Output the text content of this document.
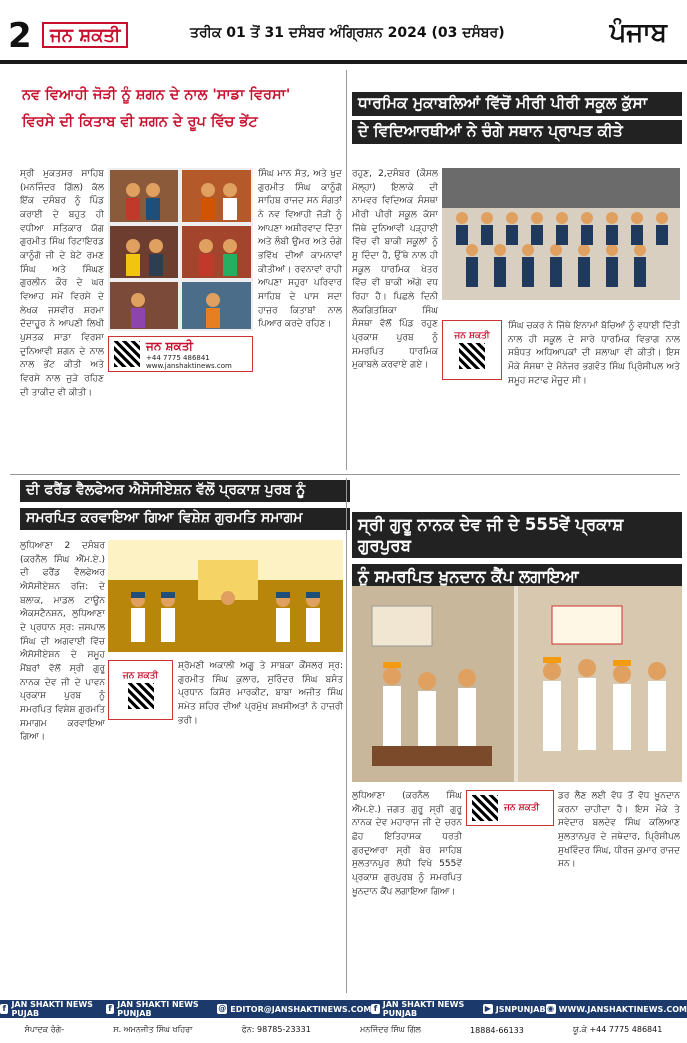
2 ਜਨ ਸ਼ਕਤੀ	ਤਰੀਕ 01 ਤੋਂ 31 ਦਸੰਬਰ ਅੰਗ੍ਰਿਸ਼ਨ 2024 (03 ਦਸੰਬਰ)	ਪੰਜਾਬ
ਨਵ ਵਿਆਹੀ ਜੋੜੀ ਨੂੰ ਸ਼ਗਨ ਦੇ ਨਾਲ 'ਸਾਡਾ ਵਿਰਸਾ'
ਵਿਰਸੇ ਦੀ ਕਿਤਾਬ ਵੀ ਸ਼ਗਨ ਦੇ ਰੂਪ ਵਿੱਚ ਭੇਂਟ
ਸ੍ਰੀ ਮੁਕਤਸਰ ਸਾਹਿਬ (ਮਨਜਿੰਦਰ ਗਿੱਲ) ਕੱਲ ਇੱਕ ਦਸੰਬਰ ਨੂੰ ਪਿੰਡ ਕਰਾਈ ਦੇ ਬਹੁਤ ਹੀ ਵਧੀਆ ਸਤਿਕਾਰ ਯੋਗ ਗੁਰਮੀਤ ਸਿੰਘ ਰਿਟਾਇਰਡ ਕਾਨੂੰਗੋ ਜੀ ਦੇ ਬੇਟੇ ਰਮਣ ਸਿੰਘ ਅਤੇ ਸਿੰਘਣ ਗੁਰਲੀਨ ਕੌਰ ਦੇ ਘਰ ਵਿਆਹ ਸਮੇਂ ਵਿਰਸੇ ਦੇ ਲੇਖਕ ਜਸਵੀਰ ਸ਼ਰਮਾ ਦੱਦਾਹੂਰ ਨੇ ਆਪਣੀ ਲਿਖੀ ਪੁਸਤਕ ਸਾਡਾ ਵਿਰਸਾ ਦੁਨਿਆਵੀ ਸ਼ਗਨ ਦੇ ਨਾਲ ਨਾਲ ਭੇਂਟ ਕੀਤੀ ਅਤੇ ਵਿਰਸੇ ਨਾਲ ਜੁੜੇ ਰਹਿਣ ਦੀ ਤਾਕੀਦ ਵੀ ਕੀਤੀ।
ਸਿੰਘ ਮਾਨ ਸੱਤ, ਅਤੇ ਖੁਦ ਗੁਰਮੀਤ ਸਿੰਘ ਕਾਨੂੰਗੋ ਸਾਹਿਬ ਰਾਜਦ ਸਨ ਸੰਗਤਾਂ ਨੇ ਨਵ ਵਿਆਹੀ ਜੋੜੀ ਨੂੰ ਆਪਣਾ ਅਸ਼ੀਰਵਾਦ ਦਿੱਤਾ ਅਤੇ ਲੰਬੀ ਉਮਰ ਅਤੇ ਚੰਗੇ ਭਵਿੱਖ ਦੀਆਂ ਕਾਮਨਾਵਾਂ ਕੀਤੀਆਂ। ਰਵਨਾਵਾਂ ਰਾਹੀ ਆਪਣਾ ਸਹੁਰਾ ਪਰਿਵਾਰ ਸਾਹਿਬ ਦੇ ਪਾਸ ਸਦਾ ਹਾਜ਼ਰ ਕਿਤਾਬਾਂ ਨਾਲ ਪਿਆਰ ਕਰਦੇ ਰਹਿਣ।
ਜਨ ਸ਼ਕਤੀ
+44 7775 486841
www.janshaktinews.com
ਧਾਰਮਿਕ ਮੁਕਾਬਲਿਆਂ ਵਿੱਚੋਂ ਮੀਰੀ ਪੀਰੀ ਸਕੂਲ ਕੁੱਸਾ
ਦੇ ਵਿਦਿਆਰਥੀਆਂ ਨੇ ਚੰਗੇ ਸਥਾਨ ਪ੍ਰਾਪਤ ਕੀਤੇ
ਰਹੁਣ, 2,ਦਸੰਬਰ (ਕੌਸਲ ਮੱਲ੍ਹਾ) ਇਲਾਕੇ ਦੀ ਨਾਮਵਰ ਵਿਦਿਅਕ ਸੰਸਥਾ ਮੀਰੀ ਪੀਰੀ ਸਕੂਲ ਕੱਸਾ ਜਿੱਥੇ ਦੁਨਿਆਵੀ ਪੜ੍ਹਾਈ ਵਿੱਚ ਵੀ ਬਾਕੀ ਸਕੂਲਾਂ ਨੂੰ ਸੂ ਦਿੰਦਾ ਹੈ, ਉੱਥੇ ਨਾਲ ਹੀ ਸਕੂਲ ਧਾਰਮਿਕ ਖੇਤਰ ਵਿੱਚ ਵੀ ਬਾਕੀ ਅੱਗੇ ਵਧ ਰਿਹਾ ਹੈ। ਪਿਛਲੇ ਦਿਨੀ ਲੋਕਗਿਤਸ਼ਿਕਾ ਸਿੰਘ ਸੰਸਥਾ ਵੱਲੋਂ ਪਿੰਡ ਰਹੁਣ ਪ੍ਰਕਾਸ਼ ਪੁਰਬ ਨੂੰ ਸਮਰਪਿਤ ਧਾਰਮਿਕ ਮੁਕਾਬਲੇ ਕਰਵਾਏ ਗਏ।
ਜਨ ਸ਼ਕਤੀ
ਸਿੰਘ ਚਕਰ ਨੇ ਜਿੱਥੇ ਇਨਾਮਾਂ ਬੱਚਿਆਂ ਨੂੰ ਵਧਾਈ ਦਿੱਤੀ ਨਾਲ ਹੀ ਸਕੂਲ ਦੇ ਸਾਰੇ ਧਾਰਮਿਕ ਵਿਭਾਗ ਨਾਲ ਸਬੰਧਤ ਅਧਿਆਪਕਾਂ ਦੀ ਸ਼ਲਾਘਾ ਵੀ ਕੀਤੀ। ਇਸ ਮੌਕੇ ਸੰਸਥਾ ਦੇ ਮੈਨੇਜਰ ਭਗਵੰਤ ਸਿੰਘ ਪ੍ਰਿੰਸੀਪਲ ਅਤੇ ਸਮੂਹ ਸਟਾਫ ਮੌਜੂਦ ਸੀ।
ਦੀ ਫਰੈਂਡ ਵੈਲਫੇਅਰ ਐਸੋਸੀਏਸ਼ਨ ਵੱਲੋਂ ਪ੍ਰਕਾਸ਼ ਪੁਰਬ ਨੂੰ
ਸਮਰਪਿਤ ਕਰਵਾਇਆ ਗਿਆ ਵਿਸ਼ੇਸ਼ ਗੁਰਮਤਿ ਸਮਾਗਮ
ਲੁਧਿਆਣਾ 2 ਦਸੰਬਰ (ਕਰਨੈਲ ਸਿੰਘ ਐੱਮ.ਏ.) ਦੀ ਫਰੈਂਡ ਵੈਲਫੇਅਰ ਐਸੋਸੀਏਸ਼ਨ ਰਜਿ: ਦੇ ਬਲਾਕ, ਮਾਡਲ ਟਾਊਨ ਐਕਸਟੈਨਸ਼ਨ, ਲੁਧਿਆਣਾ ਦੇ ਪ੍ਰਧਾਨ ਸ੍ਰ: ਜਸਪਾਲ ਸਿੰਘ ਦੀ ਅਗਵਾਈ ਵਿੱਚ ਐਸੋਸੀਏਸ਼ਨ ਦੇ ਸਮੂਹ ਮੈਂਬਰਾਂ ਵੱਲੋਂ ਸ੍ਰੀ ਗੁਰੂ ਨਾਨਕ ਦੇਵ ਜੀ ਦੇ ਪਾਵਨ ਪ੍ਰਕਾਸ਼ ਪੁਰਬ ਨੂੰ ਸਮਰਪਿਤ ਵਿਸ਼ੇਸ਼ ਗੁਰਮਤਿ ਸਮਾਗਮ ਕਰਵਾਇਆ ਗਿਆ।
ਜਨ ਸ਼ਕਤੀ
ਸ਼੍ਰੋਮਣੀ ਅਕਾਲੀ ਅਗੂ ਤੇ ਸਾਬਕਾ ਕੌਂਸਲਰ ਸ੍ਰ: ਗੁਰਮੀਤ ਸਿੰਘ ਕੁਲਾਰ, ਸੁਰਿੰਦਰ ਸਿੰਘ ਬਸੰਤ ਪ੍ਰਧਾਨ ਕਿਸ਼ੋਰ ਮਾਰਕੀਟ, ਬਾਬਾ ਅਜੀਤ ਸਿੰਘ ਸਮੇਤ ਸ਼ਹਿਰ ਦੀਆਂ ਪ੍ਰਮੁੱਖ ਸ਼ਖ਼ਸੀਅਤਾਂ ਨੇ ਹਾਜ਼ਰੀ ਭਰੀ।
ਸ੍ਰੀ ਗੁਰੂ ਨਾਨਕ ਦੇਵ ਜੀ ਦੇ 555ਵੇਂ ਪ੍ਰਕਾਸ਼ ਗੁਰਪੁਰਬ
ਨੂੰ ਸਮਰਪਿਤ ਖ਼ੂਨਦਾਨ ਕੈਂਪ ਲਗਾਇਆ
ਲੁਧਿਆਣਾ (ਕਰਨੈਲ ਸਿੰਘ ਐੱਮ.ਏ.) ਜਗਤ ਗੁਰੂ ਸ੍ਰੀ ਗੁਰੂ ਨਾਨਕ ਦੇਵ ਮਹਾਰਾਜ ਜੀ ਦੇ ਚਰਨ ਛੋਹ ਇਤਿਹਾਸਕ ਧਰਤੀ ਗੁਰਦੁਆਰਾ ਸ੍ਰੀ ਬੇਰ ਸਾਹਿਬ ਸੁਲਤਾਨਪੁਰ ਲੋਧੀ ਵਿਖੇ 555ਵੇਂ ਪ੍ਰਕਾਸ਼ ਗੁਰਪੁਰਬ ਨੂੰ ਸਮਰਪਿਤ ਖ਼ੂਨਦਾਨ ਕੈਂਪ ਲਗਾਇਆ ਗਿਆ।
ਜਨ ਸ਼ਕਤੀ
ਡਰ ਲੈਣ ਲਈ ਵੱਧ ਤੋਂ ਵੱਧ ਖ਼ੂਨਦਾਨ ਕਰਨਾ ਚਾਹੀਦਾ ਹੈ। ਇਸ ਮੌਕੇ ਤੇ ਸਵੇਦਾਰ ਬਲਦੇਵ ਸਿੰਘ ਕਲਿਆਣ ਸੁਲਤਾਨਪੁਰ ਦੇ ਜਥੇਦਾਰ, ਪ੍ਰਿੰਸੀਪਲ ਸੁਖਵਿੰਦਰ ਸਿੰਘ, ਧੀਰਜ ਕੁਮਾਰ ਰਾਜਦ ਸਨ।
f JAN SHAKTI NEWS PUJAB
f JAN SHAKTI NEWS PUNJAB
@ EDITOR@JANSHAKTINEWS.COM f JAN SHAKTI NEWS PUNJAB
▶ JSNPUNJAB ◉ WWW.JANSHAKTINEWS.COM
ਸੰਪਾਦਕ ਰੰਗੇ-	ਸ. ਅਮਨਜੀਤ ਸਿੰਘ ਖਹਿਰਾ	ਫੋਨ: 98785-23331	ਮਨਜਿੰਦਰ ਸਿੰਘ ਗਿੱਲ	18884-66133	ਯੂ.ਕੇ +44 7775 486841
